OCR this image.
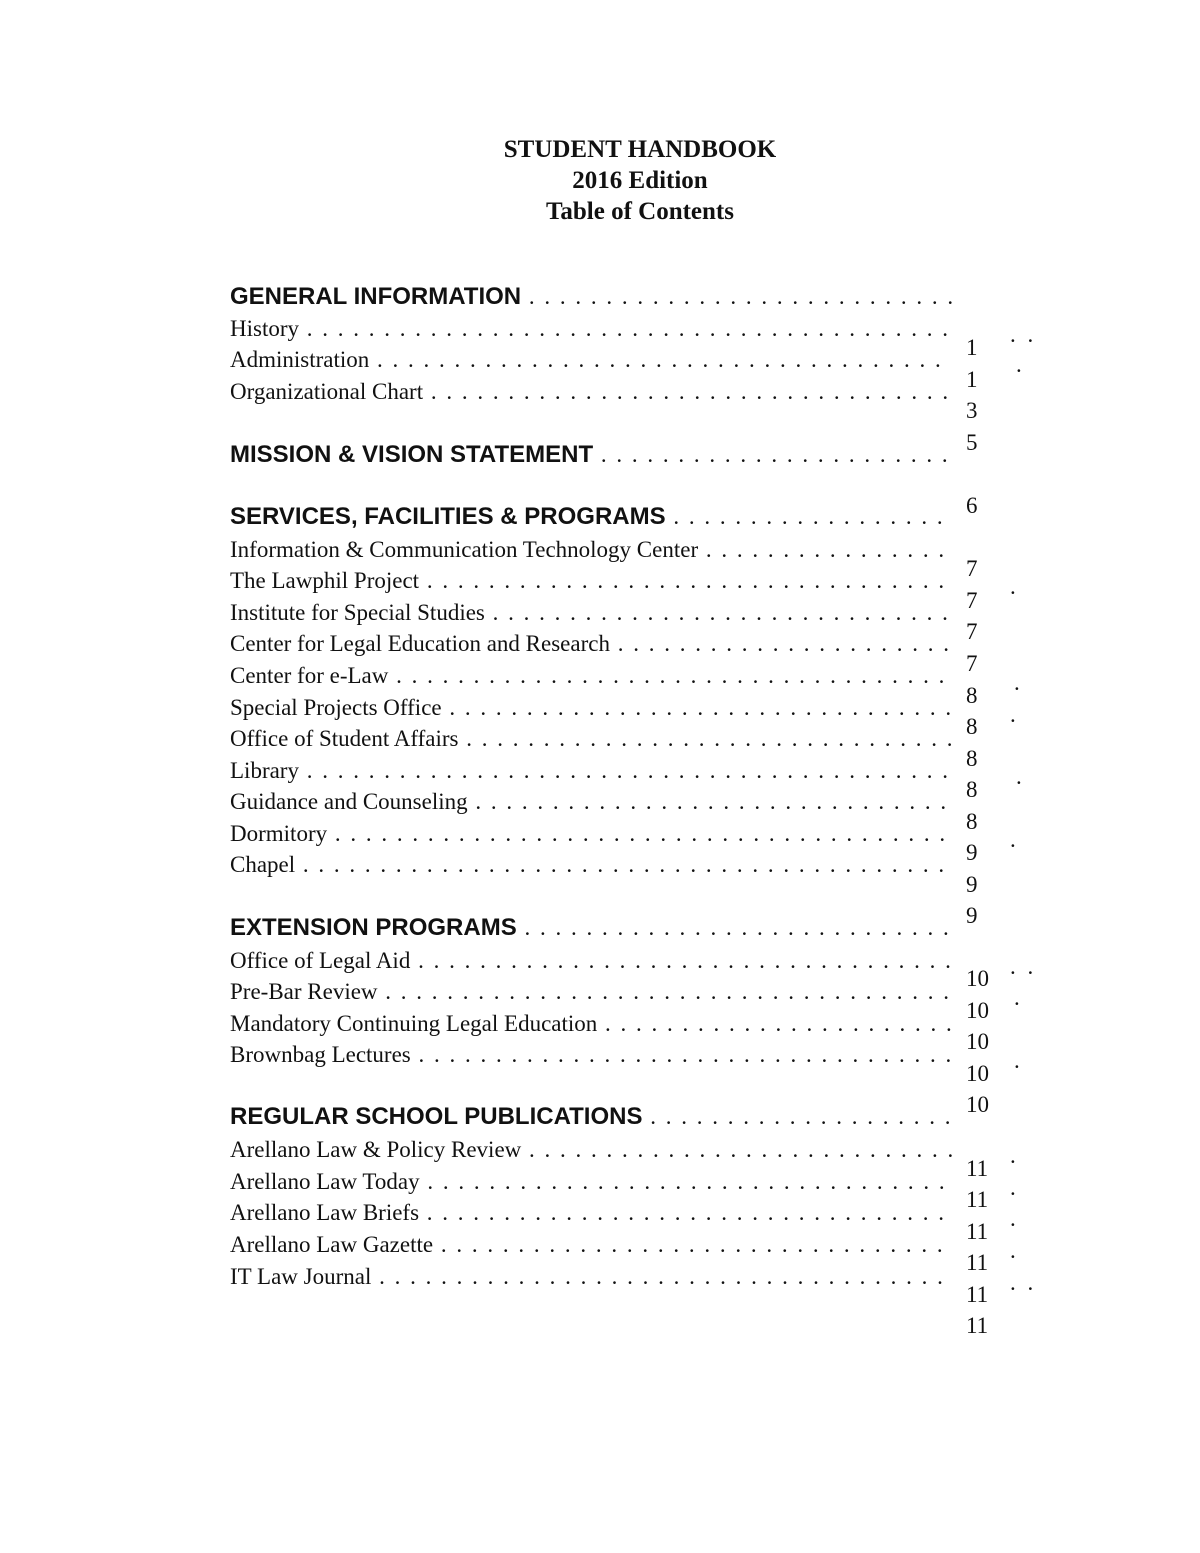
STUDENT HANDBOOK
2016 Edition
Table of Contents
GENERAL INFORMATION . . .
History . . .
Administration . . .
Organizational Chart . . .
MISSION & VISION STATEMENT . . .
SERVICES, FACILITIES & PROGRAMS . . .
Information & Communication Technology Center . . .
The Lawphil Project . . .
Institute for Special Studies . . .
Center for Legal Education and Research . . .
Center for e-Law . . .
Special Projects Office . . .
Office of Student Affairs . . .
Library . . .
Guidance and Counseling . . .
Dormitory . . .
Chapel . . .
EXTENSION PROGRAMS . . .
Office of Legal Aid . . .
Pre-Bar Review . . .
Mandatory Continuing Legal Education . . .
Brownbag Lectures . . .
REGULAR SCHOOL PUBLICATIONS . . .
Arellano Law & Policy Review . . .
Arellano Law Today . . .
Arellano Law Briefs . . .
Arellano Law Gazette . . .
IT Law Journal . . .
1
1
3
5
6
7
7
7
7
8
8
8
8
8
9
9
9
10
10
10
10
10
11
11
11
11
11
11
. .
.
.
.
.
.
.
. .
.
.
.
.
.
.
. .
